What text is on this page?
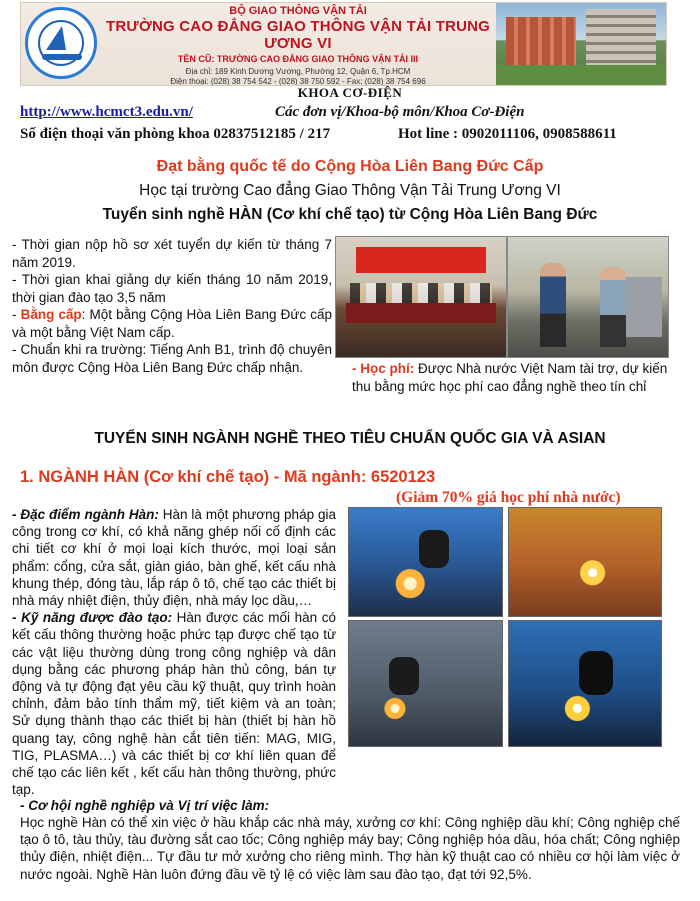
BỘ GIAO THÔNG VẬN TẢI
TRƯỜNG CAO ĐẲNG GIAO THÔNG VẬN TẢI TRUNG ƯƠNG VI
TÊN CŨ: TRƯỜNG CAO ĐẲNG GIAO THÔNG VẬN TẢI III
Địa chỉ: 189 Kinh Dương Vương, Phường 12, Quận 6, Tp.HCM
Điện thoại: (028) 38 754 542 - (028) 38 750 592 - Fax: (028) 38 754 696
KHOA CƠ-ĐIỆN
http://www.hcmct3.edu.vn/	Các đơn vị/Khoa-bộ môn/Khoa Cơ-Điện
Số điện thoại văn phòng khoa 02837512185 / 217	Hot line : 0902011106, 0908588611
Đạt bằng quốc tế do Cộng Hòa Liên Bang Đức Cấp
Học tại trường Cao đẳng Giao Thông Vận Tải Trung Ương VI
Tuyển sinh nghề HÀN (Cơ khí chế tạo) từ Cộng Hòa Liên Bang Đức

- Thời gian nộp hồ sơ xét tuyển dự kiến từ tháng 7 năm 2019.

- Thời gian khai giảng dự kiến tháng 10 năm 2019, thời gian đào tạo 3,5 năm

- Bằng cấp: Một bằng Cộng Hòa Liên Bang Đức cấp và một bằng Việt Nam cấp.

- Chuẩn khi ra trường: Tiếng Anh B1, trình độ chuyên môn được Cộng Hòa Liên Bang Đức chấp nhận.	- Học phí: Được Nhà nước Việt Nam tài trợ, dự kiến thu bằng mức học phí cao đẳng nghề theo tín chỉ
TUYỂN SINH NGÀNH NGHỀ THEO TIÊU CHUẨN QUỐC GIA VÀ ASIAN
1. NGÀNH HÀN (Cơ khí chế tạo) - Mã ngành: 6520123
(Giảm 70% giá học phí nhà nước)

- Đặc điểm ngành Hàn: Hàn là một phương pháp gia công trong cơ khí, có khả năng ghép nối cố định các chi tiết cơ khí ở mọi loại kích thước, mọi loại sản phẩm: cổng, cửa sắt, giàn giáo, bàn ghế, kết cấu nhà khung thép, đóng tàu, lắp ráp ô tô, chế tạo các thiết bị nhà máy nhiệt điện, thủy điện, nhà máy lọc dầu,…

- Kỹ năng được đào tạo: Hàn được các mối hàn có kết cấu thông thường hoặc phức tạp được chế tạo từ các vật liệu thường dùng trong công nghiệp và dân dụng bằng các phương pháp hàn thủ công, bán tự động và tự động đạt yêu cầu kỹ thuật, quy trình hoàn chỉnh, đảm bảo tính thẩm mỹ, tiết kiệm và an toàn; Sử dụng thành thạo các thiết bị hàn (thiết bị hàn hồ quang tay, công nghệ hàn cắt tiên tiến: MAG, MIG, TIG, PLASMA…) và các thiết bị cơ khí liên quan để chế tạo các liên kết , kết cấu hàn thông thường, phức tạp.

- Cơ hội nghề nghiệp và Vị trí việc làm:
Học nghề Hàn có thể xin việc ở hầu khắp các nhà máy, xưởng cơ khí: Công nghiệp dầu khí; Công nghiệp chế tạo ô tô, tàu thủy, tàu đường sắt cao tốc; Công nghiệp máy bay; Công nghiệp hóa dầu, hóa chất; Công nghiệp thủy điện, nhiệt điện... Tự đầu tư mở xưởng cho riêng mình. Thợ hàn kỹ thuật cao có nhiều cơ hội làm việc ở nước ngoài. Nghề Hàn luôn đứng đầu về tỷ lệ có việc làm sau đào tạo, đạt tới 92,5%.
